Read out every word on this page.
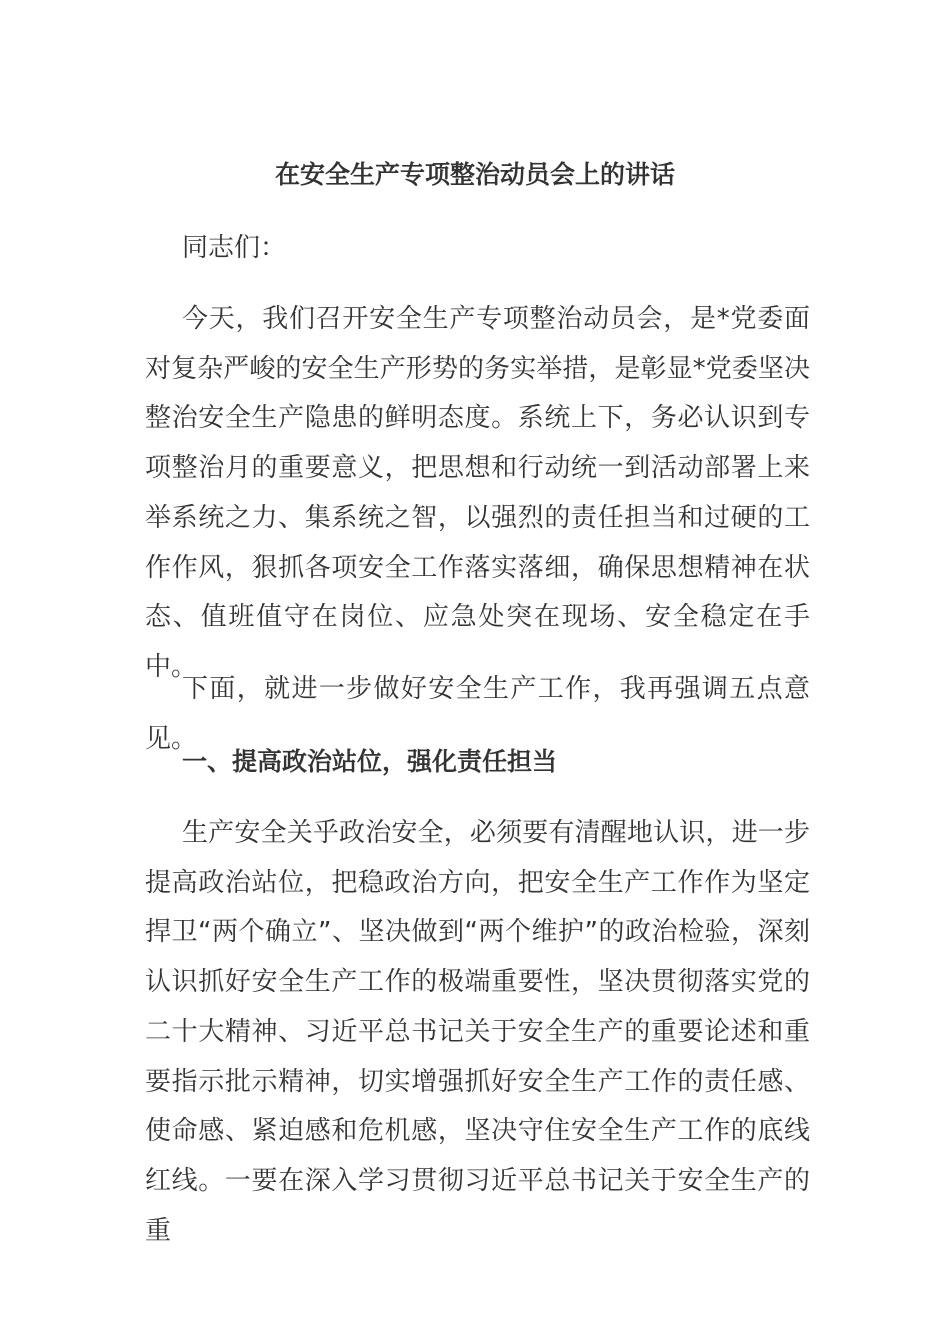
在安全生产专项整治动员会上的讲话

同志们：

今天，我们召开安全生产专项整治动员会，是*党委面对复杂严峻的安全生产形势的务实举措，是彰显*党委坚决整治安全生产隐患的鲜明态度。系统上下，务必认识到专项整治月的重要意义，把思想和行动统一到活动部署上来举系统之力、集系统之智，以强烈的责任担当和过硬的工作作风，狠抓各项安全工作落实落细，确保思想精神在状态、值班值守在岗位、应急处突在现场、安全稳定在手中。

下面，就进一步做好安全生产工作，我再强调五点意见。

一、提高政治站位，强化责任担当

生产安全关乎政治安全，必须要有清醒地认识，进一步提高政治站位，把稳政治方向，把安全生产工作作为坚定捍卫“两个确立”、坚决做到“两个维护”的政治检验，深刻认识抓好安全生产工作的极端重要性，坚决贯彻落实党的二十大精神、习近平总书记关于安全生产的重要论述和重要指示批示精神，切实增强抓好安全生产工作的责任感、使命感、紧迫感和危机感，坚决守住安全生产工作的底线红线。一要在深入学习贯彻习近平总书记关于安全生产的重
